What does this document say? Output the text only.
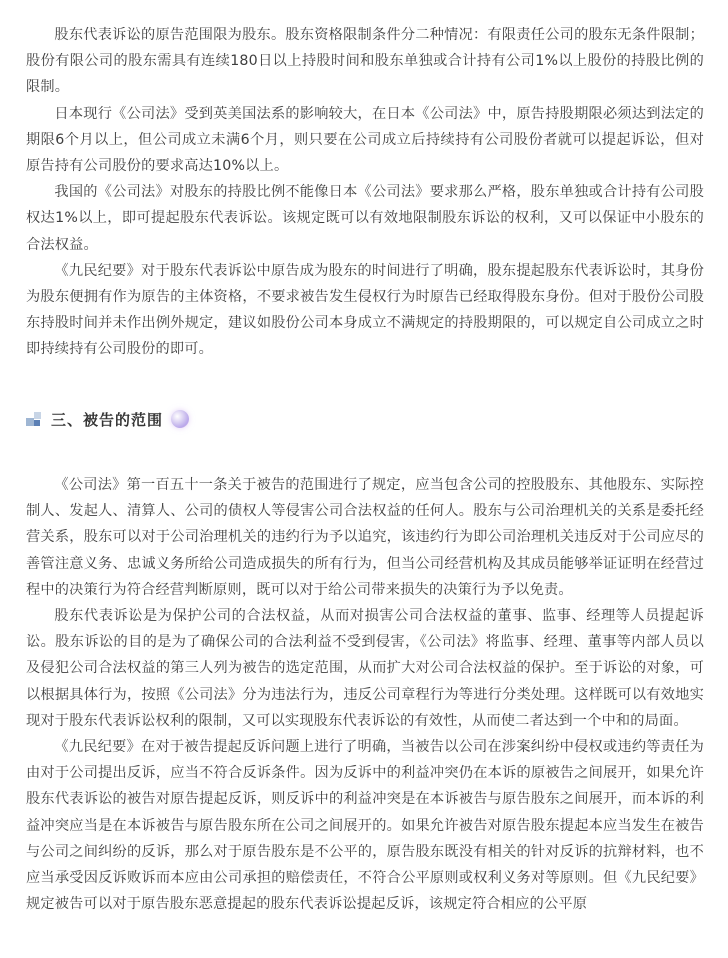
股东代表诉讼的原告范围限为股东。股东资格限制条件分二种情况：有限责任公司的股东无条件限制；股份有限公司的股东需具有连续180日以上持股时间和股东单独或合计持有公司1%以上股份的持股比例的限制。

日本现行《公司法》受到英美国法系的影响较大，在日本《公司法》中，原告持股期限必须达到法定的期限6个月以上，但公司成立未满6个月，则只要在公司成立后持续持有公司股份者就可以提起诉讼，但对原告持有公司股份的要求高达10%以上。

我国的《公司法》对股东的持股比例不能像日本《公司法》要求那么严格，股东单独或合计持有公司股权达1%以上，即可提起股东代表诉讼。该规定既可以有效地限制股东诉讼的权利，又可以保证中小股东的合法权益。

《九民纪要》对于股东代表诉讼中原告成为股东的时间进行了明确，股东提起股东代表诉讼时，其身份为股东便拥有作为原告的主体资格，不要求被告发生侵权行为时原告已经取得股东身份。但对于股份公司股东持股时间并未作出例外规定，建议如股份公司本身成立不满规定的持股期限的，可以规定自公司成立之时即持续持有公司股份的即可。

三、被告的范围

《公司法》第一百五十一条关于被告的范围进行了规定，应当包含公司的控股股东、其他股东、实际控制人、发起人、清算人、公司的债权人等侵害公司合法权益的任何人。股东与公司治理机关的关系是委托经营关系，股东可以对于公司治理机关的违约行为予以追究，该违约行为即公司治理机关违反对于公司应尽的善管注意义务、忠诚义务所给公司造成损失的所有行为，但当公司经营机构及其成员能够举证证明在经营过程中的决策行为符合经营判断原则，既可以对于给公司带来损失的决策行为予以免责。

股东代表诉讼是为保护公司的合法权益，从而对损害公司合法权益的董事、监事、经理等人员提起诉讼。股东诉讼的目的是为了确保公司的合法利益不受到侵害，《公司法》将监事、经理、董事等内部人员以及侵犯公司合法权益的第三人列为被告的选定范围，从而扩大对公司合法权益的保护。至于诉讼的对象，可以根据具体行为，按照《公司法》分为违法行为，违反公司章程行为等进行分类处理。这样既可以有效地实现对于股东代表诉讼权利的限制，又可以实现股东代表诉讼的有效性，从而使二者达到一个中和的局面。

《九民纪要》在对于被告提起反诉问题上进行了明确，当被告以公司在涉案纠纷中侵权或违约等责任为由对于公司提出反诉，应当不符合反诉条件。因为反诉中的利益冲突仍在本诉的原被告之间展开，如果允许股东代表诉讼的被告对原告提起反诉，则反诉中的利益冲突是在本诉被告与原告股东之间展开，而本诉的利益冲突应当是在本诉被告与原告股东所在公司之间展开的。如果允许被告对原告股东提起本应当发生在被告与公司之间纠纷的反诉，那么对于原告股东是不公平的，原告股东既没有相关的针对反诉的抗辩材料，也不应当承受因反诉败诉而本应由公司承担的赔偿责任，不符合公平原则或权利义务对等原则。但《九民纪要》规定被告可以对于原告股东恶意提起的股东代表诉讼提起反诉，该规定符合相应的公平原
